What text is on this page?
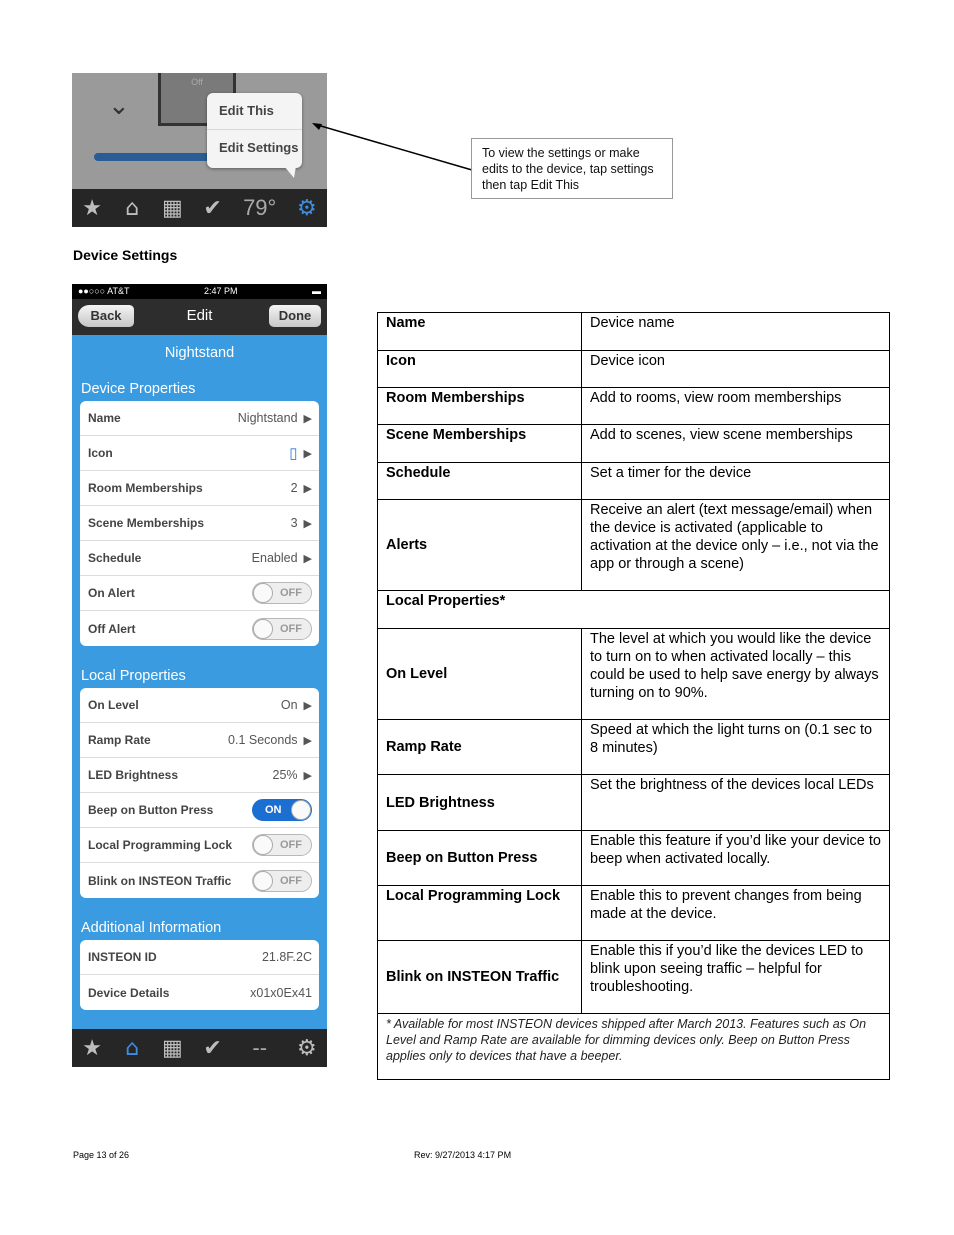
Off
⌄	Edit This
Edit Settings
★	⌂	▦ ✔ 79° ⚙
To view the settings or make edits to the device, tap settings then tap Edit This
Device Settings
●●○○○ AT&T	2:47 PM	▬
Back	Edit	Done
Nightstand
Device Properties
Name	Nightstand ▶
Icon	▯ ▶
Room Memberships	2 ▶
Scene Memberships	3 ▶
Schedule	Enabled ▶
On Alert	OFF
Off Alert	OFF
Local Properties
On Level	On ▶
Ramp Rate	0.1 Seconds ▶
LED Brightness	25% ▶
Beep on Button Press	ON
Local Programming Lock	OFF
Blink on INSTEON Traffic	OFF
Additional Information
INSTEON ID	21.8F.2C
Device Details	x01x0Ex41
★	⌂	▦ ✔	--	⚙
Name	Device name
Icon	Device icon
Room Memberships	Add to rooms, view room memberships
Scene Memberships	Add to scenes, view scene memberships
Schedule	Set a timer for the device
Alerts	Receive an alert (text message/email) when the device is activated (applicable to activation at the device only – i.e., not via the app or through a scene)
Local Properties*	
On Level	The level at which you would like the device to turn on to when activated locally – this could be used to help save energy by always turning on to 90%.
Ramp Rate	Speed at which the light turns on (0.1 sec to 8 minutes)
LED Brightness	Set the brightness of the devices local LEDs
Beep on Button Press	Enable this feature if you’d like your device to beep when activated locally.
Local Programming Lock	Enable this to prevent changes from being made at the device.
Blink on INSTEON Traffic	Enable this if you’d like the devices LED to blink upon seeing traffic – helpful for troubleshooting.
* Available for most INSTEON devices shipped after March 2013. Features such as On Level and Ramp Rate are available for dimming devices only. Beep on Button Press applies only to devices that have a beeper.	
Page 13 of 26	Rev: 9/27/2013 4:17 PM
